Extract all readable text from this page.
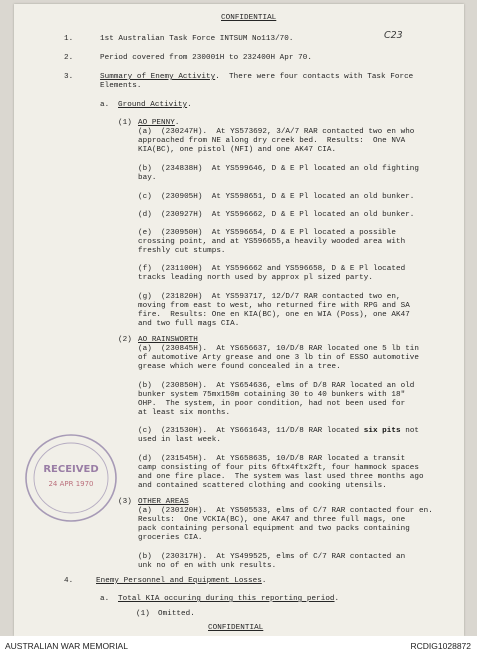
CONFIDENTIAL
C23
1.	1st Australian Task Force INTSUM No113/70.
2.	Period covered from 230001H to 232400H Apr 70.
3.	Summary of Enemy Activity.  There were four contacts with Task Force
Elements.
a. Ground Activity.
(1) AO PENNY.
(a)  (230247H).  At YS573692, 3/A/7 RAR contacted two en who
approached from NE along dry creek bed.  Results:  One NVA
KIA(BC), one pistol (NFI) and one AK47 CIA.
(b)  (234838H)  At YS599646, D & E Pl located an old fighting
bay.
(c)  (230905H)  At YS598651, D & E Pl located an old bunker.
(d)  (230927H)  At YS596662, D & E Pl located an old bunker.
(e)  (230950H)  At YS596654, D & E Pl located a possible
crossing point, and at YS596655,a heavily wooded area with
freshly cut stumps.
(f)  (231100H)  At YS596662 and YS596658, D & E Pl located
tracks leading north used by approx pl sized party.
(g)  (231820H)  At YS593717, 12/D/7 RAR contacted two en,
moving from east to west, who returned fire with RPG and SA
fire.  Results: One en KIA(BC), one en WIA (Poss), one AK47
and two full mags CIA.
(2) AO RAINSWORTH
(a)  (230845H).  At YS656637, 10/D/8 RAR located one 5 lb tin
of automotive Arty grease and one 3 lb tin of ESSO automotive
grease which were found concealed in a tree.
(b)  (230850H).  At YS654636, elms of D/8 RAR located an old
bunker system 75mx150m cotaining 30 to 40 bunkers with 18"
OHP.  The system, in poor condition, had not been used for
at least six months.
(c)  (231530H).  At YS661643, 11/D/8 RAR located six pits not
used in last week.
(d)  (231545H).  At YS658635, 10/D/8 RAR located a transit
camp consisting of four pits 6ftx4ftx2ft, four hammock spaces
and one fire place.  The system was last used three months ago
and contained scattered clothing and cooking utensils.
(3) OTHER AREAS
(a)  (230120H).  At YS505533, elms of C/7 RAR contacted four en.
Results:  One VCKIA(BC), one AK47 and three full mags, one
pack containing personal equipment and two packs containing
groceries CIA.
(b)  (230317H).  At YS499525, elms of C/7 RAR contacted an
unk no of en with unk results.
4.	Enemy Personnel and Equipment Losses.
a. Total KIA occuring during this reporting period.
(1) Omitted.
CONFIDENTIAL
RECEIVED
24 APR 1970
AUSTRALIAN WAR MEMORIAL	RCDIG1028872
